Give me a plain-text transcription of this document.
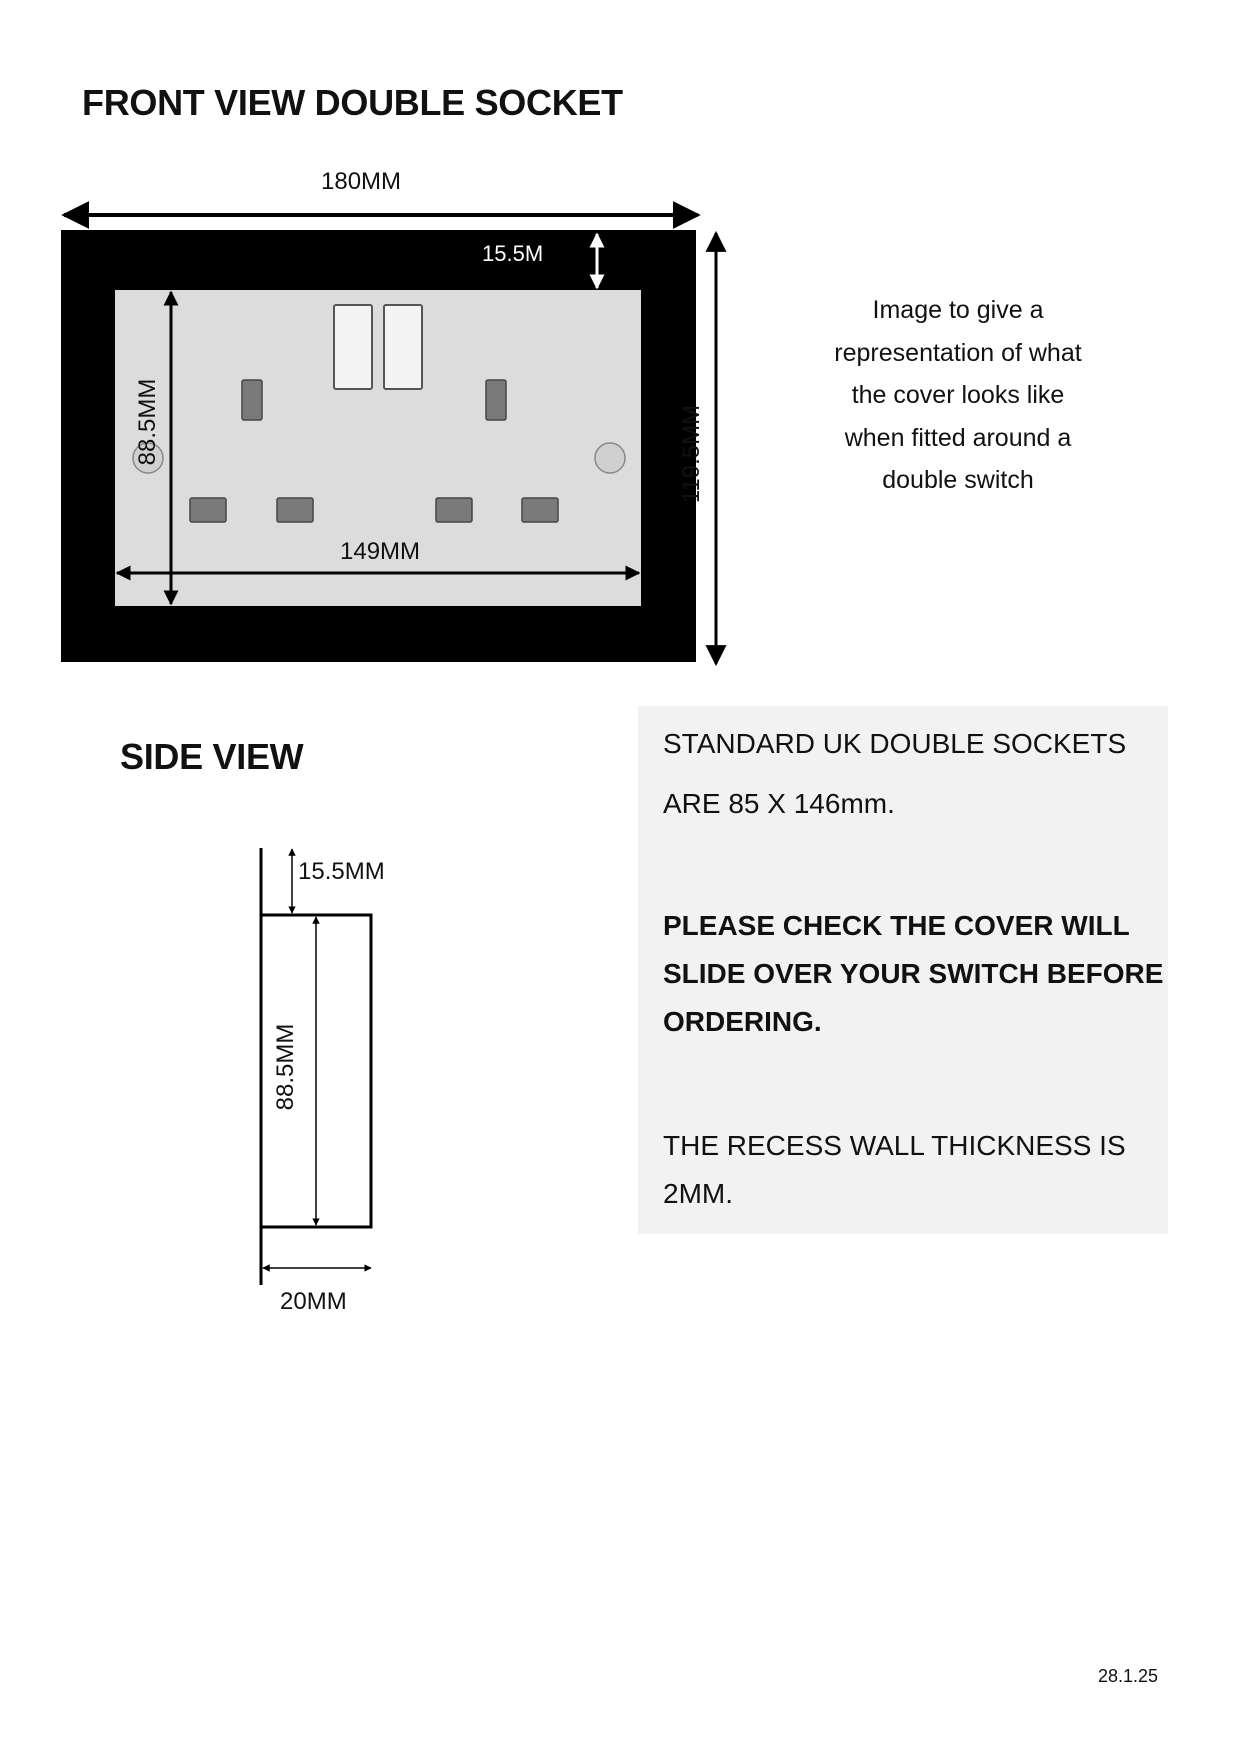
FRONT VIEW DOUBLE SOCKET
180MM
15.5M
149MM
88.5MM	119.5MM
Image to give a
representation of what
the cover looks like
when fitted around a
double switch
SIDE VIEW
15.5MM
88.5MM
20MM
STANDARD UK DOUBLE SOCKETS
ARE 85 X 146mm.
PLEASE CHECK THE COVER WILL
SLIDE OVER YOUR SWITCH BEFORE
ORDERING.
THE RECESS WALL THICKNESS IS
2MM.
28.1.25
